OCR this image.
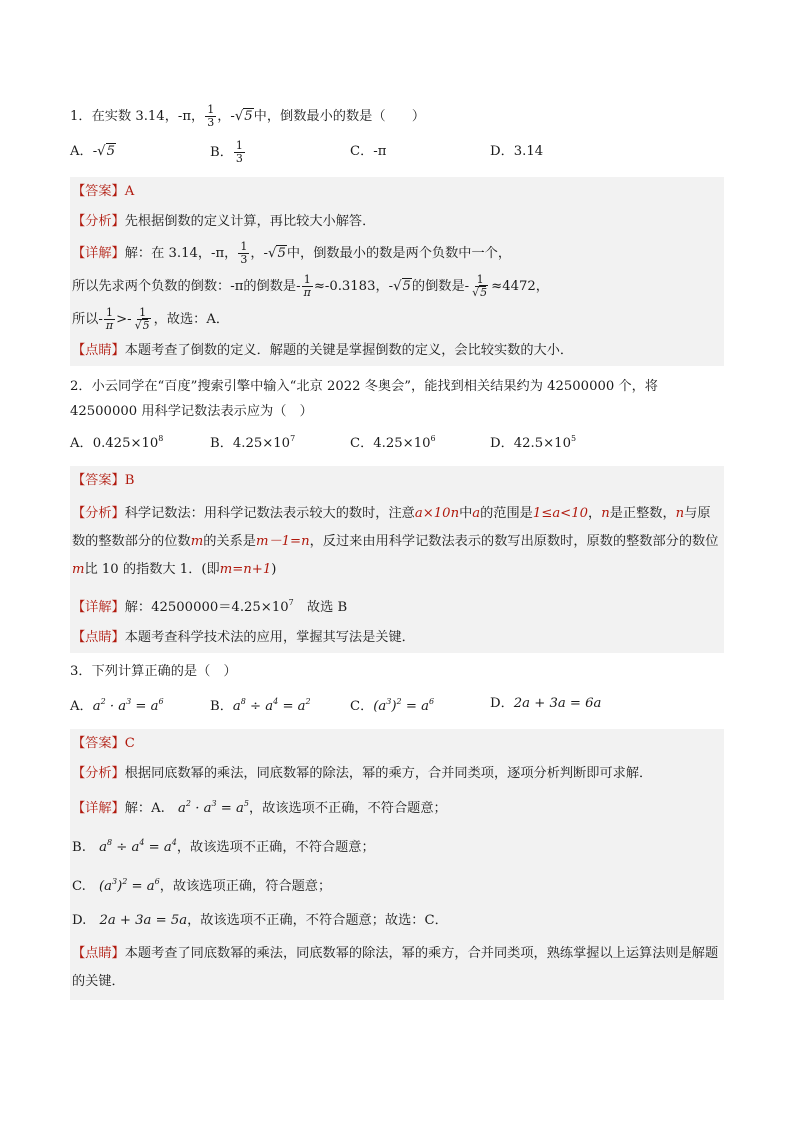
1．在实数 3.14，-π， $\frac{1}{3}$ ，-√5中，倒数最小的数是（　　）
A．-√5	B． $\frac{1}{3}$	C．-π	D．3.14
【答案】A
【分析】先根据倒数的定义计算，再比较大小解答．
【详解】解：在 3.14，-π， $\frac{1}{3}$ ，-√5中，倒数最小的数是两个负数中一个，
所以先求两个负数的倒数：-π的倒数是- $\frac{1}{\pi} \approx-0.3183$，-√5的倒数是- $\frac{1}{√5} \approx 4472$，
所以- $\frac{1}{\pi} >- \frac{1}{√5}$ ，故选：A．
【点睛】本题考查了倒数的定义．解题的关键是掌握倒数的定义，会比较实数的大小．
2．小云同学在“百度”搜索引擎中输入“北京 2022 冬奥会”，能找到相关结果约为 42500000 个，将 42500000 用科学记数法表示应为（　）
A．$0.425\times 10^8$	B．$4.25\times 10^7$	C．$4.25\times 10^6$	D．$42.5\times 10^5$
【答案】B
【分析】科学记数法：用科学记数法表示较大的数时，注意a×10n中a的范围是1≤a<10，n是正整数，n与原数的整数部分的位数m的关系是m－1=n，反过来由用科学记数法表示的数写出原数时，原数的整数部分的数位m比 10 的指数大 1．(即m=n+1)
【详解】解：$42500000=4.25\times 10^7$　故选 B
【点睛】本题考查科学技术法的应用，掌握其写法是关键．
3．下列计算正确的是（　）
A．$a^2 \cdot a^3 = a^6$	B．$a^8 \div a^4 = a^2$	C．$(a^3)^2 = a^6$	D．2a + 3a = 6a
【答案】C
【分析】根据同底数幂的乘法，同底数幂的除法，幂的乘方，合并同类项，逐项分析判断即可求解．
【详解】解：A.　 $a^2 \cdot a^3 = a^5$，故该选项不正确，不符合题意；
B.　 $a^8 \div a^4 = a^4$，故该选项不正确，不符合题意；
C.　 $(a^3)^2 = a^6$，故该选项正确，符合题意；
D.　 2a + 3a = 5a，故该选项不正确，不符合题意；故选：C．
【点睛】本题考查了同底数幂的乘法，同底数幂的除法，幂的乘方，合并同类项，熟练掌握以上运算法则是解题的关键．
